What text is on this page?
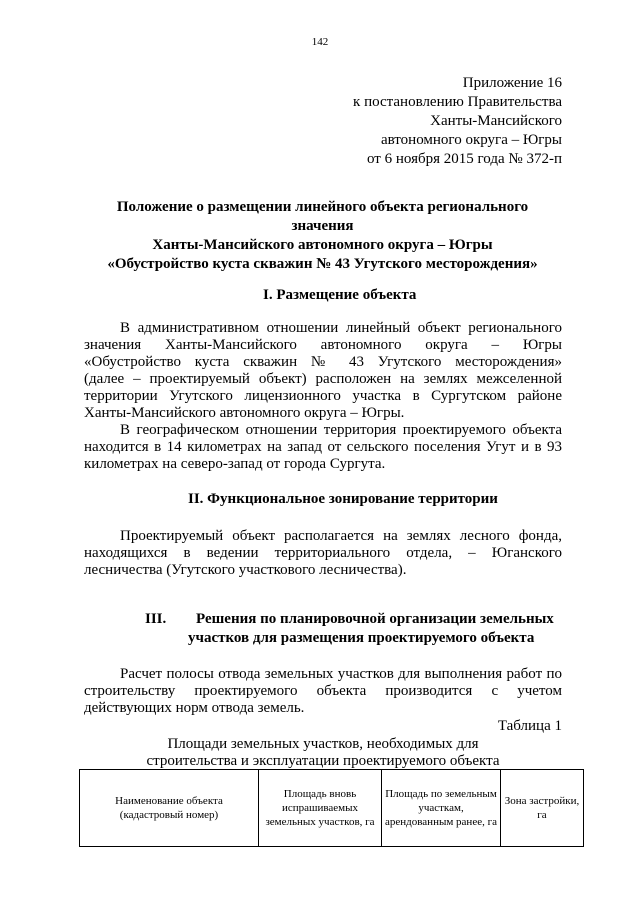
142
Приложение 16
к постановлению Правительства
Ханты-Мансийского
автономного округа – Югры
от 6 ноября 2015 года № 372-п
Положение о размещении линейного объекта регионального
значения
Ханты-Мансийского автономного округа – Югры
«Обустройство куста скважин № 43 Угутского месторождения»
I. Размещение объекта
В административном отношении линейный объект регионального
значения Ханты-Мансийского автономного округа – Югры
«Обустройство куста скважин № 43 Угутского месторождения»
(далее – проектируемый объект) расположен на землях межселенной
территории Угутского лицензионного участка в Сургутском районе
Ханты-Мансийского автономного округа – Югры.
В географическом отношении территория проектируемого объекта
находится в 14 километрах на запад от сельского поселения Угут и в 93
километрах на северо-запад от города Сургута.
II. Функциональное зонирование территории
Проектируемый объект располагается на землях лесного фонда,
находящихся в ведении территориального отдела, – Юганского
лесничества (Угутского участкового лесничества).
III. Решения по планировочной организации земельных
участков для размещения проектируемого объекта
Расчет полосы отвода земельных участков для выполнения работ по
строительству проектируемого объекта производится с учетом
действующих норм отвода земель.
Таблица 1
Площади земельных участков, необходимых для
строительства и эксплуатации проектируемого объекта
Наименование объекта (кадастровый номер)	Площадь вновь испрашиваемых земельных участков, га	Площадь по земельным участкам, арендованным ранее, га	Зона застройки, га
